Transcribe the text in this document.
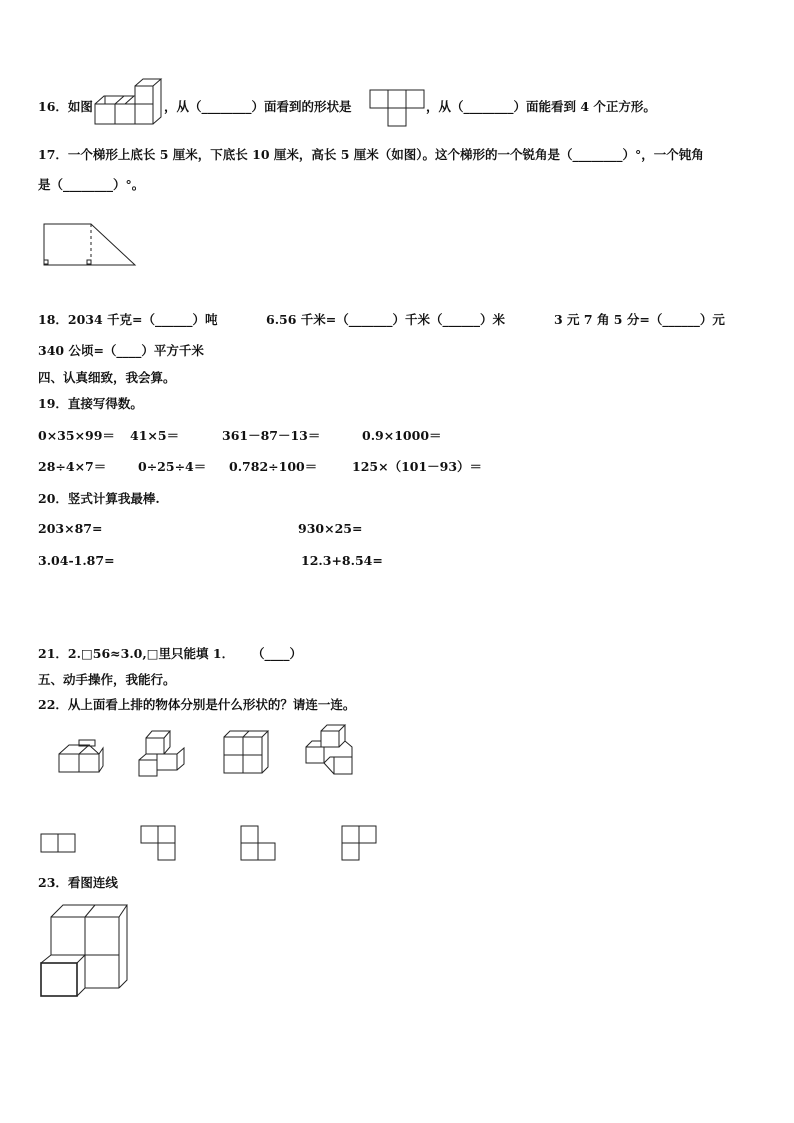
16．如图	，从（________）面看到的形状是	，从（________）面能看到 4 个正方形。
17．一个梯形上底长 5 厘米，下底长 10 厘米，高长 5 厘米（如图）。这个梯形的一个锐角是（________）°，一个钝角
是（________）°。
18．2034 千克=（______）吨	6.56 千米=（_______）千米（______）米	3 元 7 角 5 分=（______）元
340 公顷=（____）平方千米
四、认真细致，我会算。
19．直接写得数。
0×35×99＝ 41×5＝	361－87－13＝	0.9×1000＝
28÷4×7＝	0÷25÷4＝ 0.782÷100＝	125×（101－93）＝
20．竖式计算我最棒.
203×87=	930×25=
3.04-1.87=	12.3+8.54=
21．2.□56≈3.0,□里只能填 1． （____）
五、动手操作，我能行。
22．从上面看上排的物体分别是什么形状的？请连一连。
23．看图连线
